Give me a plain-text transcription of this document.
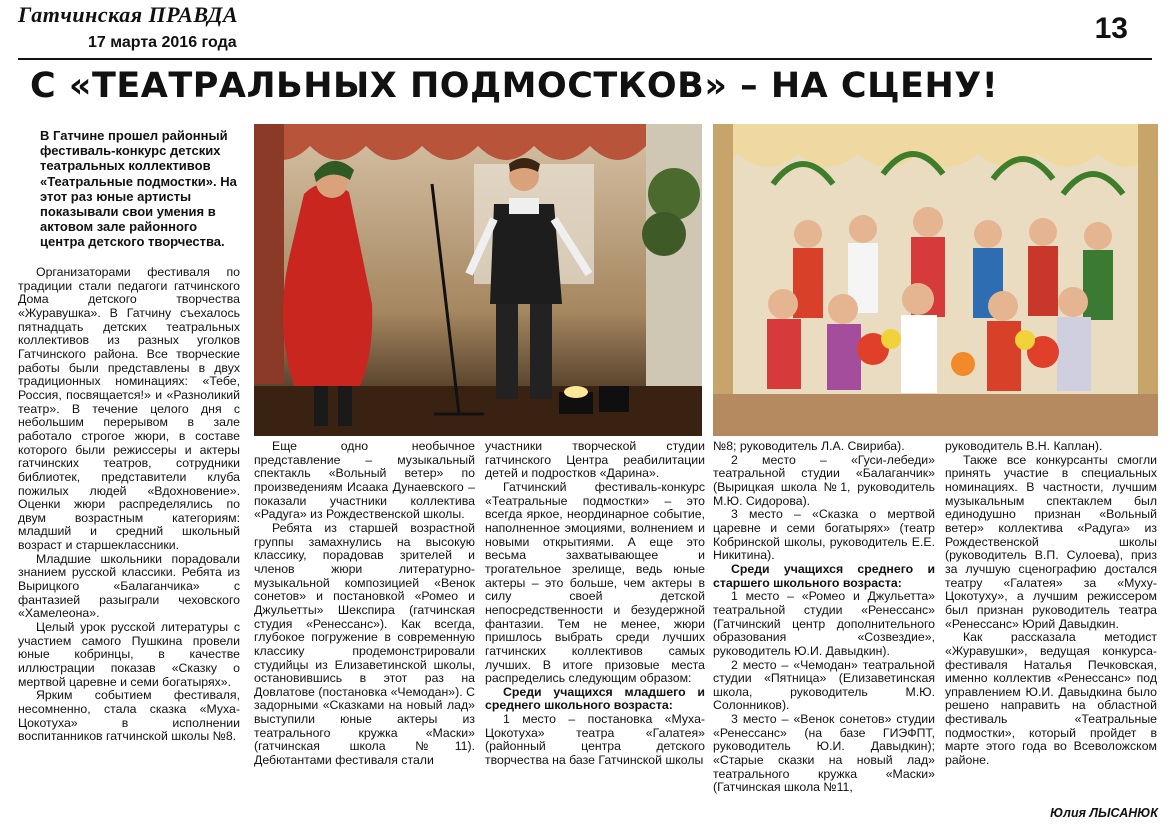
Гатчинская ПРАВДА
17 марта 2016 года	13
С «ТЕАТРАЛЬНЫХ ПОДМОСТКОВ» – НА СЦЕНУ!
В Гатчине прошел районный фестиваль-конкурс детских театральных коллективов «Театральные подмостки». На этот раз юные артисты показывали свои умения в актовом зале районного центра детского творчества.

Организаторами фестиваля по традиции стали педагоги гатчинского Дома детского творчества «Журавушка». В Гатчину съехалось пятнадцать детских театральных коллективов из разных уголков Гатчинского района. Все творческие работы были представлены в двух традиционных номинациях: «Тебе, Россия, посвящается!» и «Разноликий театр». В течение целого дня с небольшим перерывом в зале работало строгое жюри, в составе которого были режиссеры и актеры гатчинских театров, сотрудники библиотек, представители клуба пожилых людей «Вдохновение». Оценки жюри распределялись по двум возрастным категориям: младший и средний школьный возраст и старшеклассники.

Младшие школьники порадовали знанием русской классики. Ребята из Вырицкого «Балаганчика» с фантазией разыграли чеховского «Хамелеона».

Целый урок русской литературы с участием самого Пушкина провели юные кобринцы, в качестве иллюстрации показав «Сказку о мертвой царевне и семи богатырях».

Ярким событием фестиваля, несомненно, стала сказка «Муха-Цокотуха» в исполнении воспитанников гатчинской школы №8.

Еще одно необычное представление – музыкальный спектакль «Вольный ветер» по произведениям Исаака Дунаевского – показали участники коллектива «Радуга» из Рождественской школы.

Ребята из старшей возрастной группы замахнулись на высокую классику, порадовав зрителей и членов жюри литературно-музыкальной композицией «Венок сонетов» и постановкой «Ромео и Джульетты» Шекспира (гатчинская студия «Ренессанс»). Как всегда, глубокое погружение в современную классику продемонстрировали студийцы из Елизаветинской школы, остановившись в этот раз на Довлатове (постановка «Чемодан»). С задорными «Сказками на новый лад» выступили юные актеры из театрального кружка «Маски» (гатчинская школа №11). Дебютантами фестиваля стали

участники творческой студии гатчинского Центра реабилитации детей и подростков «Дарина».

Гатчинский фестиваль-конкурс «Театральные подмостки» – это всегда яркое, неординарное событие, наполненное эмоциями, волнением и новыми открытиями. А еще это весьма захватывающее и трогательное зрелище, ведь юные актеры – это больше, чем актеры в силу своей детской непосредственности и безудержной фантазии. Тем не менее, жюри пришлось выбрать среди лучших гатчинских коллективов самых лучших. В итоге призовые места распределись следующим образом:

Среди учащихся младшего и среднего школьного возраста:

1 место – постановка «Муха-Цокотуха» театра «Галатея» (районный центра детского творчества на базе Гатчинской школы

№8; руководитель Л.А. Свириба).

2 место – «Гуси-лебеди» театральной студии «Балаганчик» (Вырицкая школа №1, руководитель М.Ю. Сидорова).

3 место – «Сказка о мертвой царевне и семи богатырях» (театр Кобринской школы, руководитель Е.Е. Никитина).

Среди учащихся среднего и старшего школьного возраста:

1 место – «Ромео и Джульетта» театральной студии «Ренессанс» (Гатчинский центр дополнительного образования «Созвездие», руководитель Ю.И. Давыдкин).

2 место – «Чемодан» театральной студии «Пятница» (Елизаветинская школа, руководитель М.Ю. Солонников).

3 место – «Венок сонетов» студии «Ренессанс» (на базе ГИЭФПТ, руководитель Ю.И. Давыдкин); «Старые сказки на новый лад» театрального кружка «Маски» (Гатчинская школа №11,

руководитель В.Н. Каплан).

Также все конкурсанты смогли принять участие в специальных номинациях. В частности, лучшим музыкальным спектаклем был единодушно признан «Вольный ветер» коллектива «Радуга» из Рождественской школы (руководитель В.П. Сулоева), приз за лучшую сценографию достался театру «Галатея» за «Муху-Цокотуху», а лучшим режиссером был признан руководитель театра «Ренессанс» Юрий Давыдкин.

Как рассказала методист «Журавушки», ведущая конкурса-фестиваля Наталья Печковская, именно коллектив «Ренессанс» под управлением Ю.И. Давыдкина было решено направить на областной фестиваль «Театральные подмостки», который пройдет в марте этого года во Всеволожском районе.

Юлия ЛЫСАНЮК
